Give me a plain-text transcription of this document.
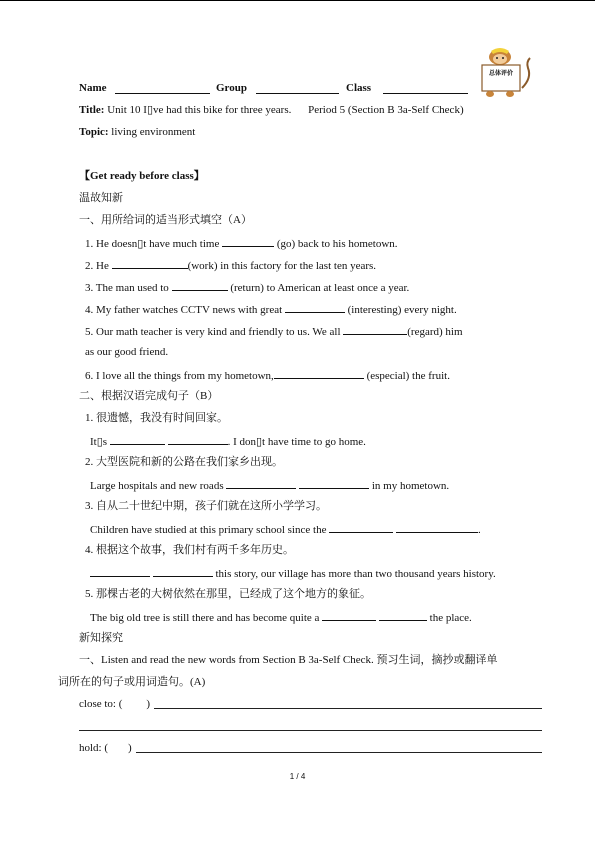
总体评价
Name	Group	Class
Title: Unit 10 I▯ve had this bike for three years. Period 5 (Section B 3a-Self Check)
Topic: living environment
【Get ready before class】
温故知新
一、用所给词的适当形式填空（A）
1. He doesn▯t have much time	(go) back to his hometown.
2. He	(work) in this factory for the last ten years.
3. The man used to	(return) to American at least once a year.
4. My father watches CCTV news with great	(interesting) every night.
5. Our math teacher is very kind and friendly to us. We all	(regard) him
as our good friend.
6. I love all the things from my hometown,	(especial) the fruit.
二、根据汉语完成句子（B）
1. 很遗憾，我没有时间回家。
It▯s	. I don▯t have time to go home.
2. 大型医院和新的公路在我们家乡出现。
Large hospitals and new roads	in my hometown.
3. 自从二十世纪中期，孩子们就在这所小学学习。
Children have studied at this primary school since the	.
4. 根据这个故事，我们村有两千多年历史。
this story, our village has more than two thousand years history.
5. 那棵古老的大树依然在那里，已经成了这个地方的象征。
The big old tree is still there and has become quite a	the place.
新知探究
一、Listen and read the new words from Section B 3a-Self Check. 预习生词，摘抄或翻译单
词所在的句子或用词造句。(A)
close to: ( )
hold: ( )
1 / 4
